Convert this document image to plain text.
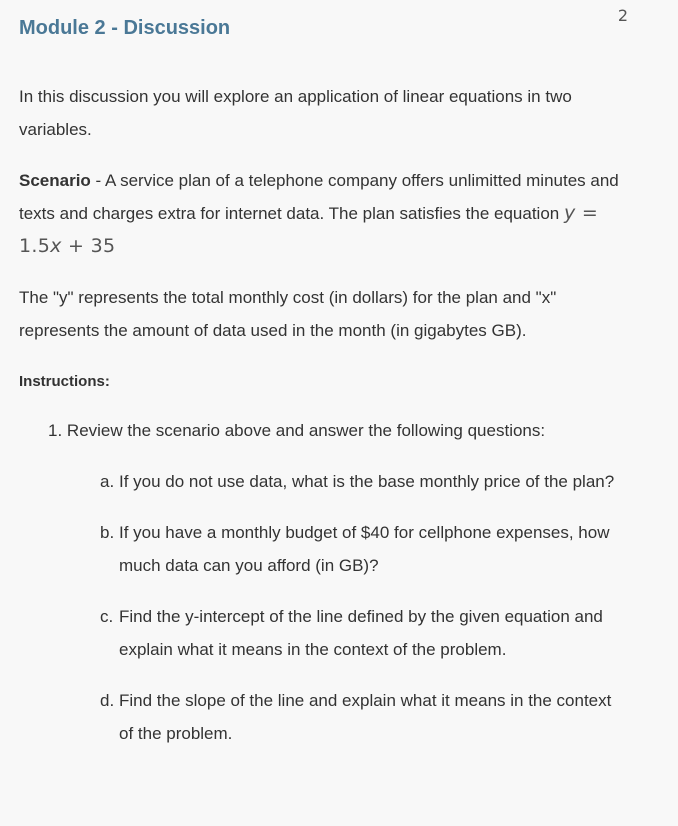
2
Module 2 - Discussion

In this discussion you will explore an application of linear equations in two variables.

Scenario - A service plan of a telephone company offers unlimitted minutes and texts and charges extra for internet data. The plan satisfies the equation y = 1.5x + 35

The "y" represents the total monthly cost (in dollars) for the plan and "x" represents the amount of data used in the month (in gigabytes GB).

Instructions:
1. Review the scenario above and answer the following questions:
a. If you do not use data, what is the base monthly price of the plan?
b. If you have a monthly budget of $40 for cellphone expenses, how much data can you afford (in GB)?
c. Find the y-intercept of the line defined by the given equation and explain what it means in the context of the problem.
d. Find the slope of the line and explain what it means in the context of the problem.
